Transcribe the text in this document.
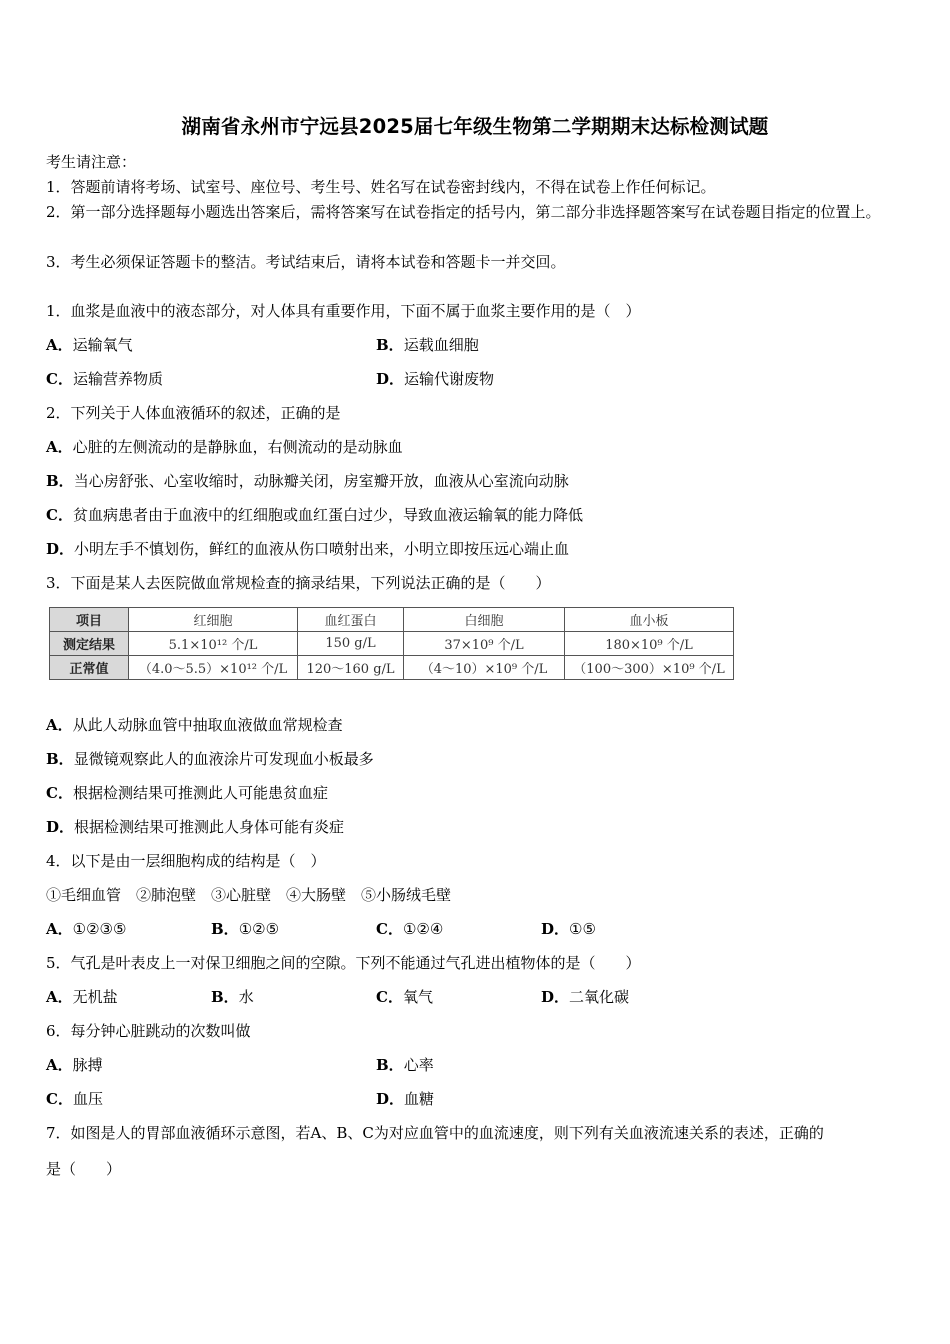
湖南省永州市宁远县2025届七年级生物第二学期期末达标检测试题
考生请注意：
1．答题前请将考场、试室号、座位号、考生号、姓名写在试卷密封线内，不得在试卷上作任何标记。
2．第一部分选择题每小题选出答案后，需将答案写在试卷指定的括号内，第二部分非选择题答案写在试卷题目指定的位置上。
3．考生必须保证答题卡的整洁。考试结束后，请将本试卷和答题卡一并交回。
1．血浆是血液中的液态部分，对人体具有重要作用，下面不属于血浆主要作用的是（　）
A．运输氧气	B．运载血细胞
C．运输营养物质	D．运输代谢废物
2．下列关于人体血液循环的叙述，正确的是
A．心脏的左侧流动的是静脉血，右侧流动的是动脉血
B．当心房舒张、心室收缩时，动脉瓣关闭，房室瓣开放，血液从心室流向动脉
C．贫血病患者由于血液中的红细胞或血红蛋白过少，导致血液运输氧的能力降低
D．小明左手不慎划伤，鲜红的血液从伤口喷射出来，小明立即按压远心端止血
3．下面是某人去医院做血常规检查的摘录结果，下列说法正确的是（　　）
项目	红细胞	血红蛋白	白细胞	血小板
测定结果	5.1×10¹² 个/L	150 g/L	37×10⁹ 个/L	180×10⁹ 个/L
正常值	（4.0～5.5）×10¹² 个/L	120～160 g/L	（4～10）×10⁹ 个/L	（100～300）×10⁹ 个/L
A．从此人动脉血管中抽取血液做血常规检查
B．显微镜观察此人的血液涂片可发现血小板最多
C．根据检测结果可推测此人可能患贫血症
D．根据检测结果可推测此人身体可能有炎症
4．以下是由一层细胞构成的结构是（　）
①毛细血管　②肺泡壁　③心脏壁　④大肠壁　⑤小肠绒毛壁
A．①②③⑤	B．①②⑤	C．①②④	D．①⑤
5．气孔是叶表皮上一对保卫细胞之间的空隙。下列不能通过气孔进出植物体的是（　　）
A．无机盐	B．水	C．氧气	D．二氧化碳
6．每分钟心脏跳动的次数叫做
A．脉搏	B．心率
C．血压	D．血糖
7．如图是人的胃部血液循环示意图，若A、B、C为对应血管中的血流速度，则下列有关血液流速关系的表述，正确的
是（　　）
